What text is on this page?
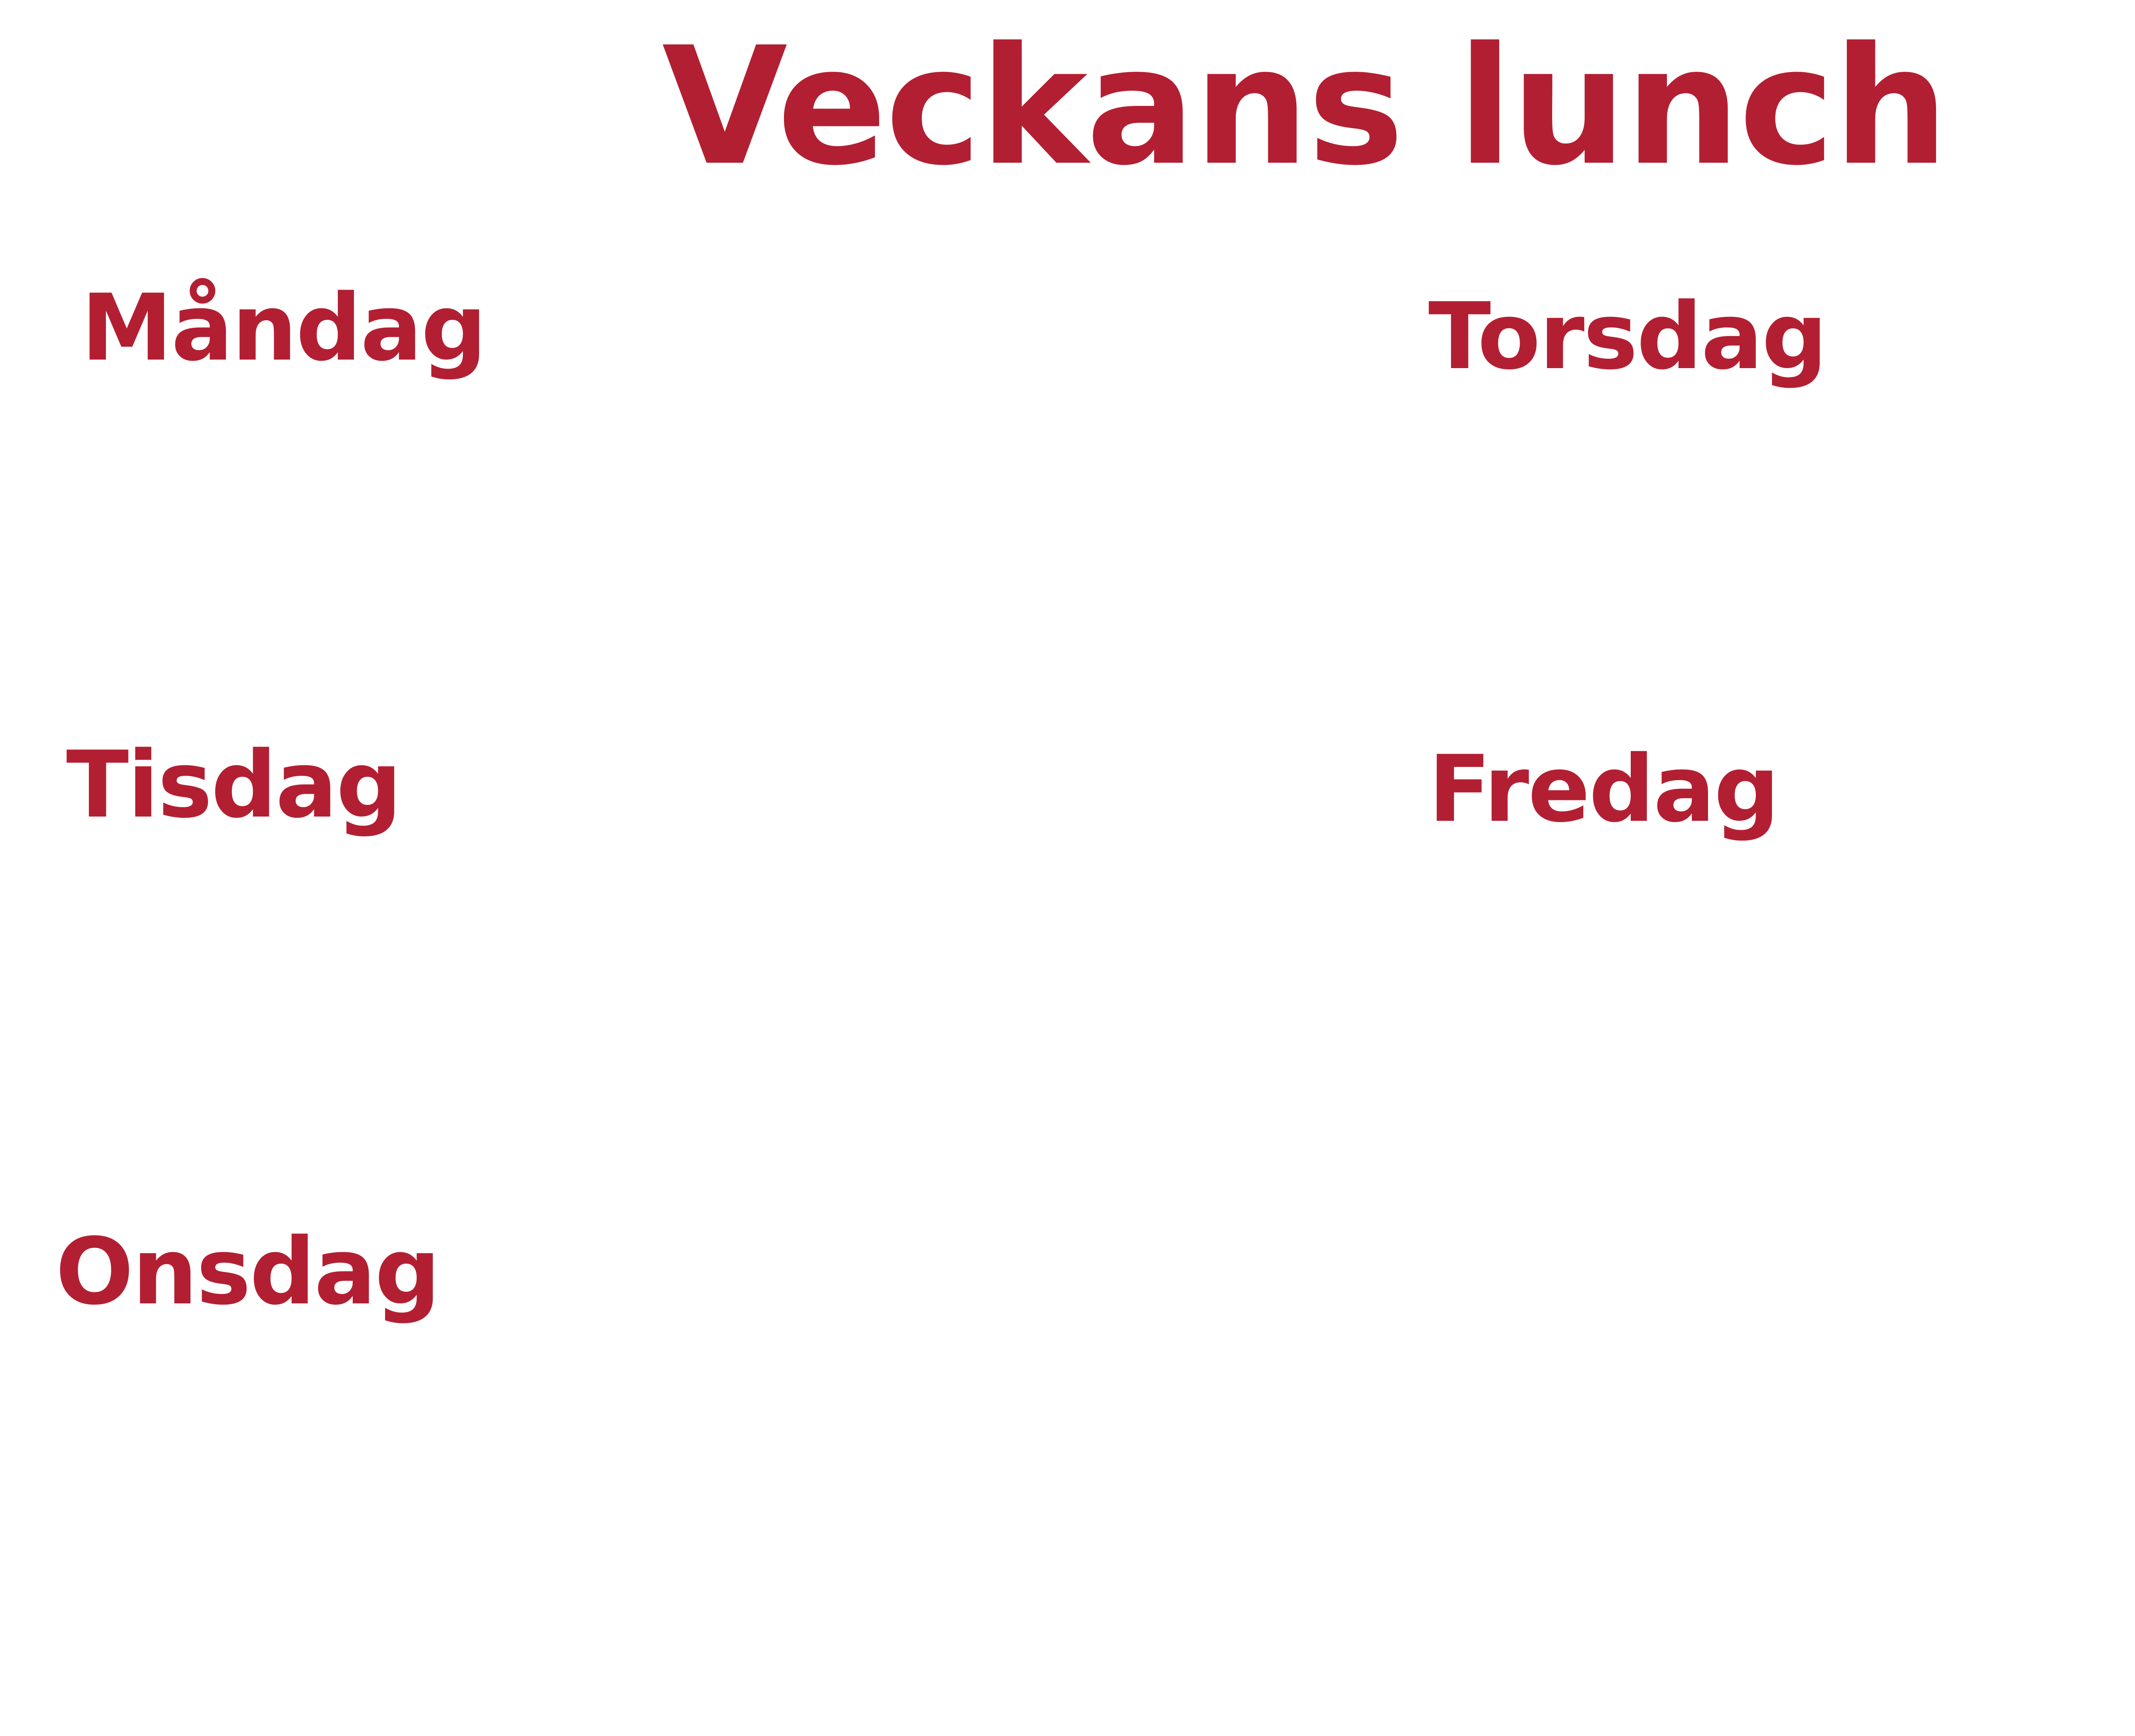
Veckans lunch
Måndag
Tisdag
Onsdag
Torsdag
Fredag
